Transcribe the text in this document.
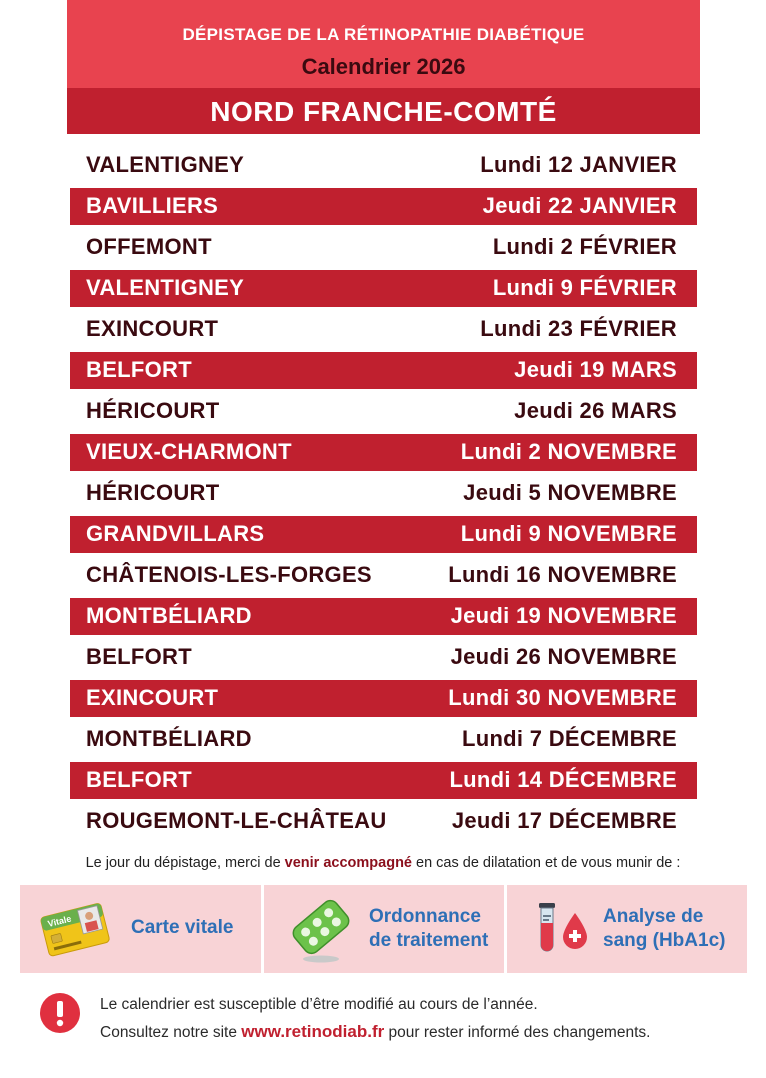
DÉPISTAGE DE LA RÉTINOPATHIE DIABÉTIQUE
Calendrier 2026
NORD FRANCHE-COMTÉ
VALENTIGNEY	Lundi 12 JANVIER
BAVILLIERS	Jeudi 22 JANVIER
OFFEMONT	Lundi 2 FÉVRIER
VALENTIGNEY	Lundi 9 FÉVRIER
EXINCOURT	Lundi 23 FÉVRIER
BELFORT	Jeudi 19 MARS
HÉRICOURT	Jeudi 26 MARS
VIEUX-CHARMONT	Lundi 2 NOVEMBRE
HÉRICOURT	Jeudi 5 NOVEMBRE
GRANDVILLARS	Lundi 9 NOVEMBRE
CHÂTENOIS-LES-FORGES	Lundi 16 NOVEMBRE
MONTBÉLIARD	Jeudi 19 NOVEMBRE
BELFORT	Jeudi 26 NOVEMBRE
EXINCOURT	Lundi 30 NOVEMBRE
MONTBÉLIARD	Lundi 7 DÉCEMBRE
BELFORT	Lundi 14 DÉCEMBRE
ROUGEMONT-LE-CHÂTEAU	Jeudi 17 DÉCEMBRE
Le jour du dépistage, merci de venir accompagné en cas de dilatation et de vous munir de :
Vitale	Carte vitale
Ordonnance
de traitement
Analyse de
sang (HbA1c)
Le calendrier est susceptible d’être modifié au cours de l’année.
Consultez notre site www.retinodiab.fr pour rester informé des changements.
